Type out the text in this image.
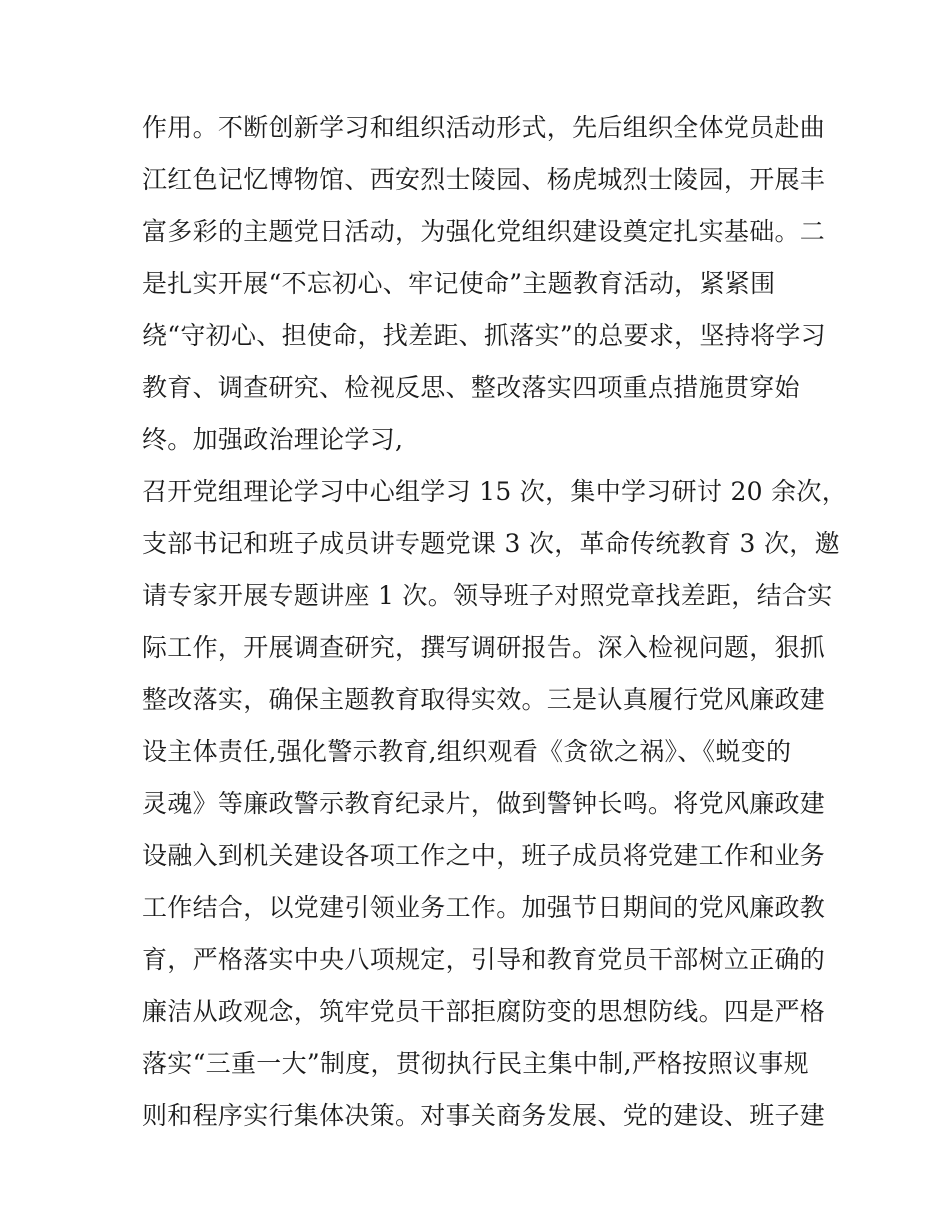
作用。不断创新学习和组织活动形式，先后组织全体党员赴曲
江红色记忆博物馆、西安烈士陵园、杨虎城烈士陵园，开展丰
富多彩的主题党日活动，为强化党组织建设奠定扎实基础。二
是扎实开展“不忘初心、牢记使命”主题教育活动，紧紧围
绕“守初心、担使命，找差距、抓落实”的总要求，坚持将学习
教育、调查研究、检视反思、整改落实四项重点措施贯穿始
终。加强政治理论学习,
召开党组理论学习中心组学习 15 次，集中学习研讨 20 余次，
支部书记和班子成员讲专题党课 3 次，革命传统教育 3 次，邀
请专家开展专题讲座 1 次。领导班子对照党章找差距，结合实
际工作，开展调查研究，撰写调研报告。深入检视问题，狠抓
整改落实，确保主题教育取得实效。三是认真履行党风廉政建
设主体责任,强化警示教育,组织观看《贪欲之祸》、《蜕变的
灵魂》等廉政警示教育纪录片，做到警钟长鸣。将党风廉政建
设融入到机关建设各项工作之中，班子成员将党建工作和业务
工作结合，以党建引领业务工作。加强节日期间的党风廉政教
育，严格落实中央八项规定，引导和教育党员干部树立正确的
廉洁从政观念，筑牢党员干部拒腐防变的思想防线。四是严格
落实“三重一大”制度，贯彻执行民主集中制,严格按照议事规
则和程序实行集体决策。对事关商务发展、党的建设、班子建
